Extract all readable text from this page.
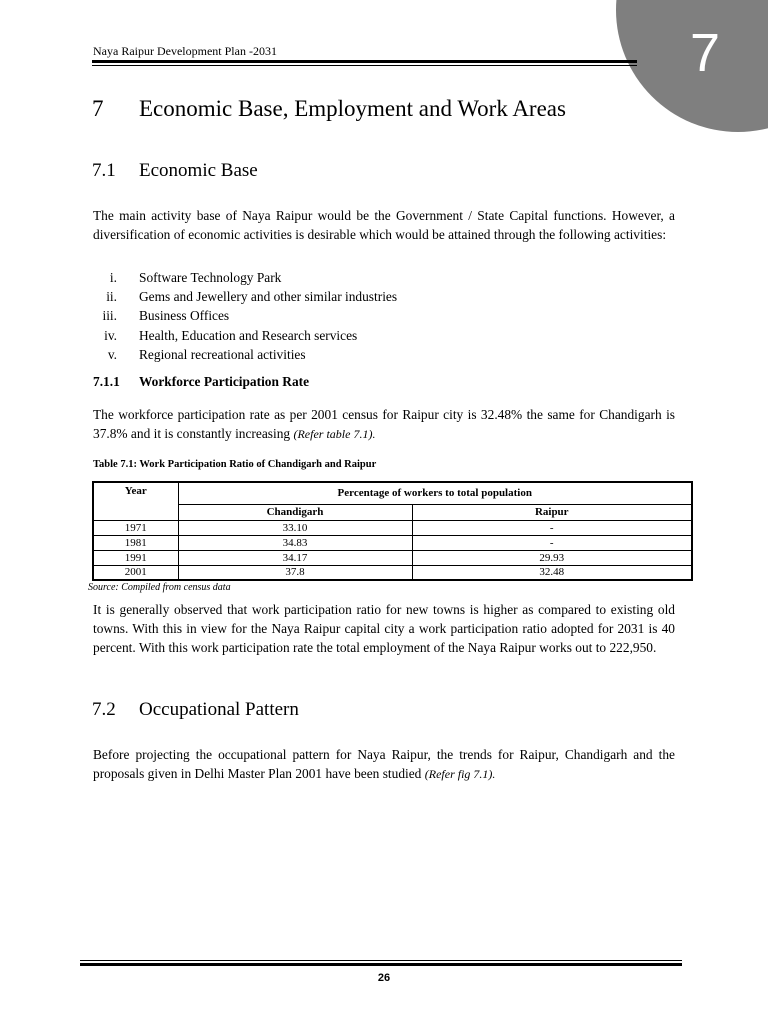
7
Naya Raipur Development Plan -2031
7 Economic Base, Employment and Work Areas
7.1 Economic Base
The main activity base of Naya Raipur would be the Government / State Capital functions. However, a diversification of economic activities is desirable which would be attained through the following activities:
i. Software Technology Park
ii. Gems and Jewellery and other similar industries
iii. Business Offices
iv. Health, Education and Research services
v. Regional recreational activities
7.1.1 Workforce Participation Rate
The workforce participation rate as per 2001 census for Raipur city is 32.48% the same for Chandigarh is 37.8% and it is constantly increasing (Refer table 7.1).
Table 7.1: Work Participation Ratio of Chandigarh and Raipur
Year	Percentage of workers to total population	
	Chandigarh	Raipur
1971	33.10	-
1981	34.83	-
1991	34.17	29.93
2001	37.8	32.48
Source: Compiled from census data
It is generally observed that work participation ratio for new towns is higher as compared to existing old towns. With this in view for the Naya Raipur capital city a work participation ratio adopted for 2031 is 40 percent. With this work participation rate the total employment of the Naya Raipur works out to 222,950.
7.2 Occupational Pattern
Before projecting the occupational pattern for Naya Raipur, the trends for Raipur, Chandigarh and the proposals given in Delhi Master Plan 2001 have been studied (Refer fig 7.1).
26
